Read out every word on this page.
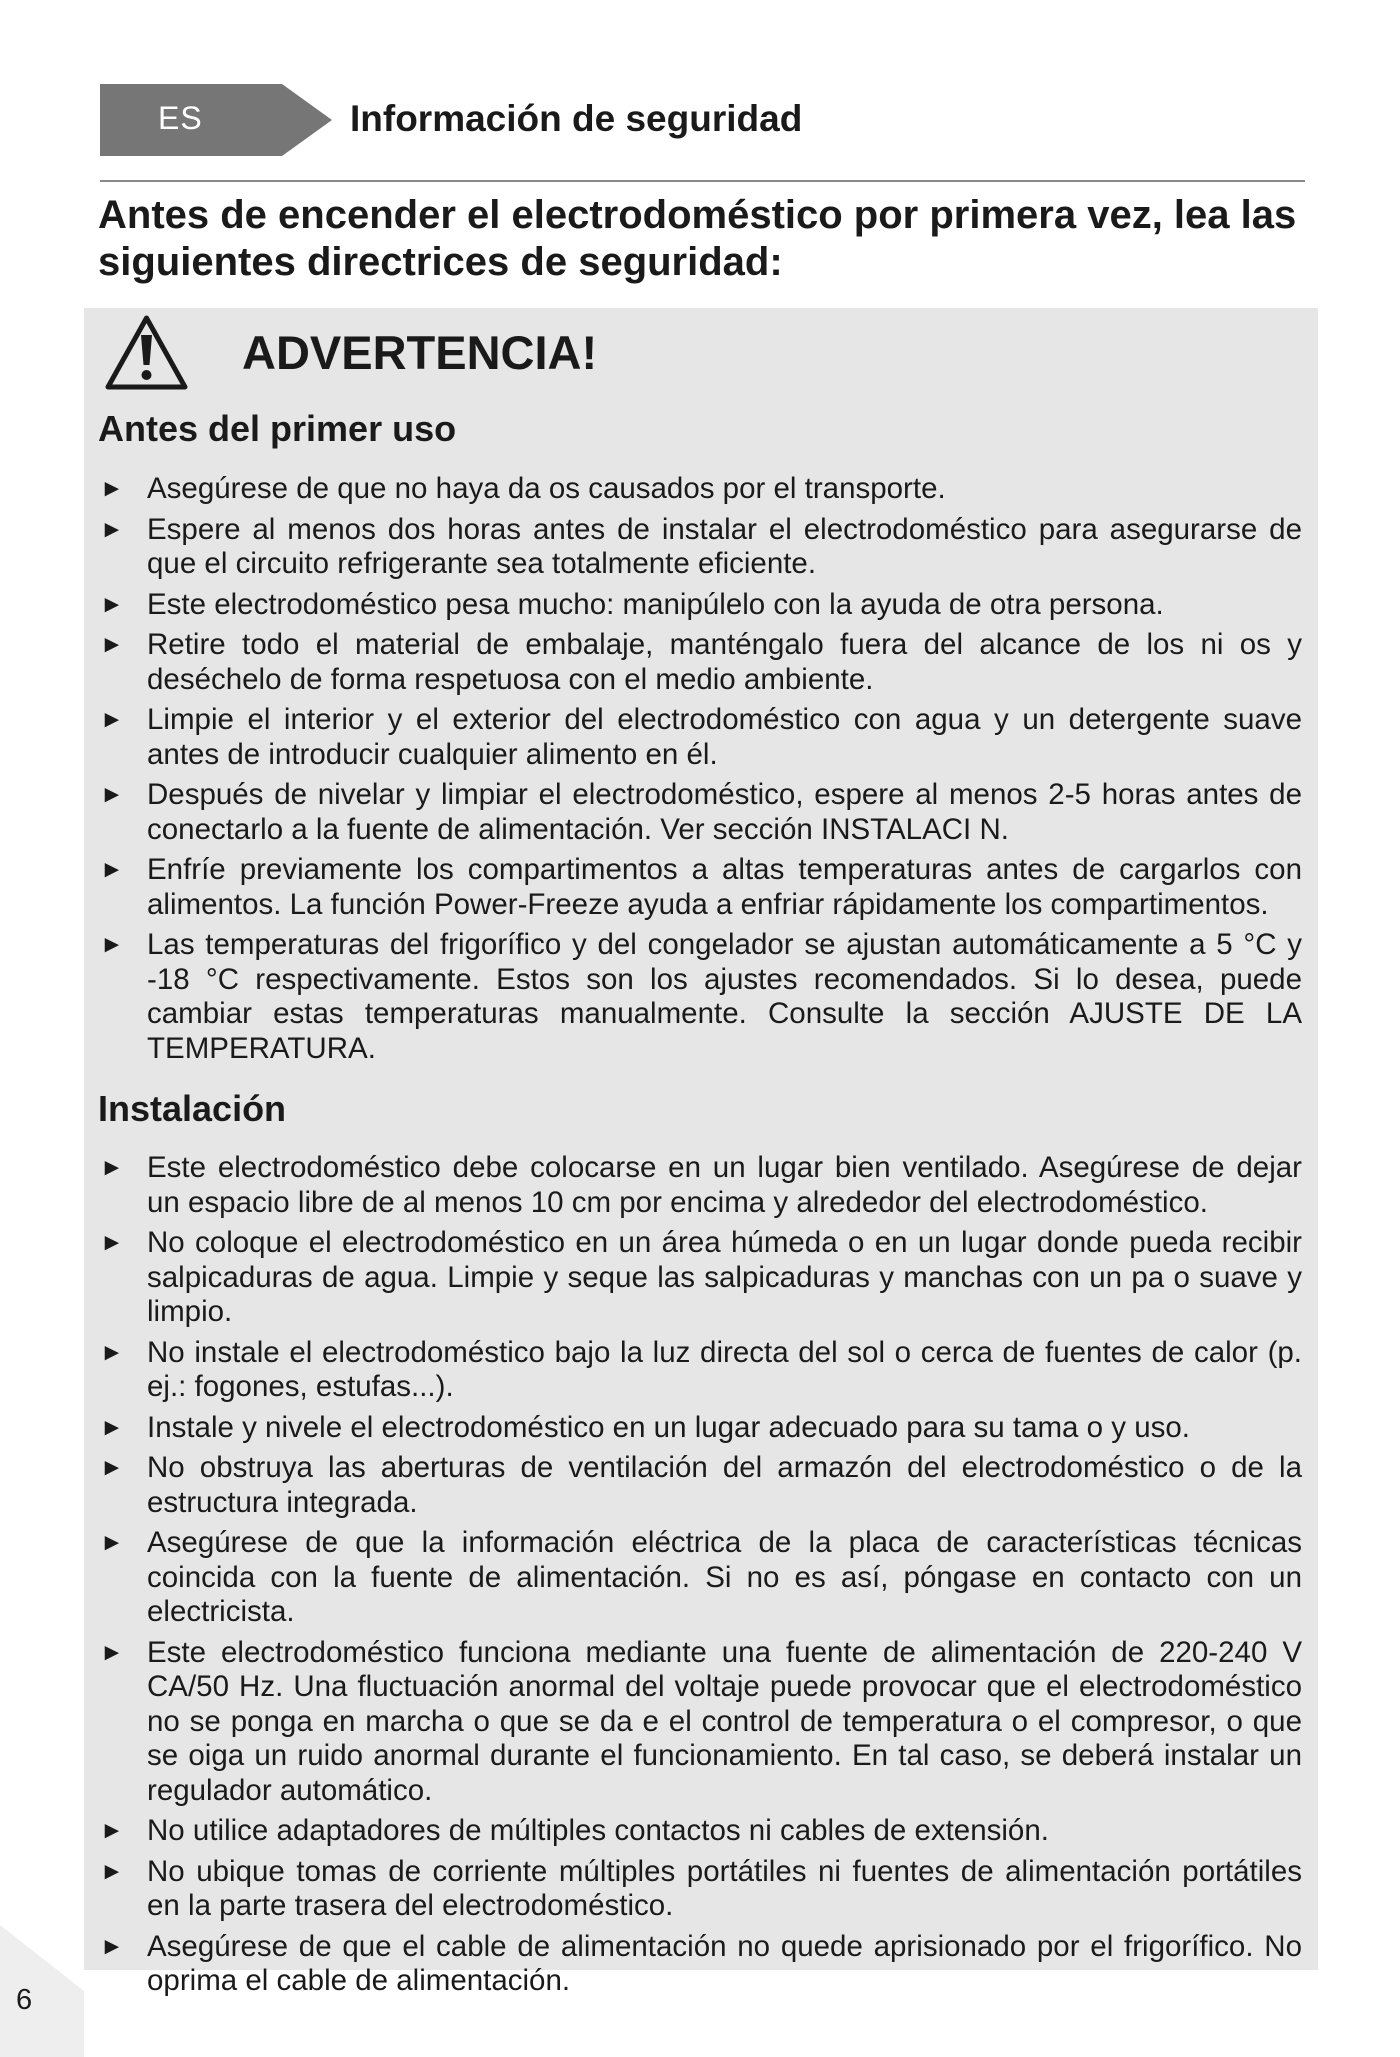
ES	Información de seguridad
Antes de encender el electrodoméstico por primera vez, lea las siguientes directrices de seguridad:
ADVERTENCIA!
Antes del primer uso
► Asegúrese de que no haya da os causados por el transporte.
► Espere al menos dos horas antes de instalar el electrodoméstico para asegurarse de que el circuito refrigerante sea totalmente eficiente.
► Este electrodoméstico pesa mucho: manipúlelo con la ayuda de otra persona.
► Retire todo el material de embalaje, manténgalo fuera del alcance de los ni os y deséchelo de forma respetuosa con el medio ambiente.
► Limpie el interior y el exterior del electrodoméstico con agua y un detergente suave antes de introducir cualquier alimento en él.
► Después de nivelar y limpiar el electrodoméstico, espere al menos 2-5 horas antes de conectarlo a la fuente de alimentación. Ver sección INSTALACI N.
► Enfríe previamente los compartimentos a altas temperaturas antes de cargarlos con alimentos. La función Power-Freeze ayuda a enfriar rápidamente los compartimentos.
► Las temperaturas del frigorífico y del congelador se ajustan automáticamente a 5 °C y -18 °C respectivamente. Estos son los ajustes recomendados. Si lo desea, puede cambiar estas temperaturas manualmente. Consulte la sección AJUSTE DE LA TEMPERATURA.
Instalación
► Este electrodoméstico debe colocarse en un lugar bien ventilado. Asegúrese de dejar un espacio libre de al menos 10 cm por encima y alrededor del electrodoméstico.
► No coloque el electrodoméstico en un área húmeda o en un lugar donde pueda recibir salpicaduras de agua. Limpie y seque las salpicaduras y manchas con un pa o suave y limpio.
► No instale el electrodoméstico bajo la luz directa del sol o cerca de fuentes de calor (p. ej.: fogones, estufas...).
► Instale y nivele el electrodoméstico en un lugar adecuado para su tama o y uso.
► No obstruya las aberturas de ventilación del armazón del electrodoméstico o de la estructura integrada.
► Asegúrese de que la información eléctrica de la placa de características técnicas coincida con la fuente de alimentación. Si no es así, póngase en contacto con un electricista.
► Este electrodoméstico funciona mediante una fuente de alimentación de 220-240 V CA/50 Hz. Una fluctuación anormal del voltaje puede provocar que el electrodoméstico no se ponga en marcha o que se da e el control de temperatura o el compresor, o que se oiga un ruido anormal durante el funcionamiento. En tal caso, se deberá instalar un regulador automático.
► No utilice adaptadores de múltiples contactos ni cables de extensión.
► No ubique tomas de corriente múltiples portátiles ni fuentes de alimentación portátiles en la parte trasera del electrodoméstico.
► Asegúrese de que el cable de alimentación no quede aprisionado por el frigorífico. No oprima el cable de alimentación.
6
